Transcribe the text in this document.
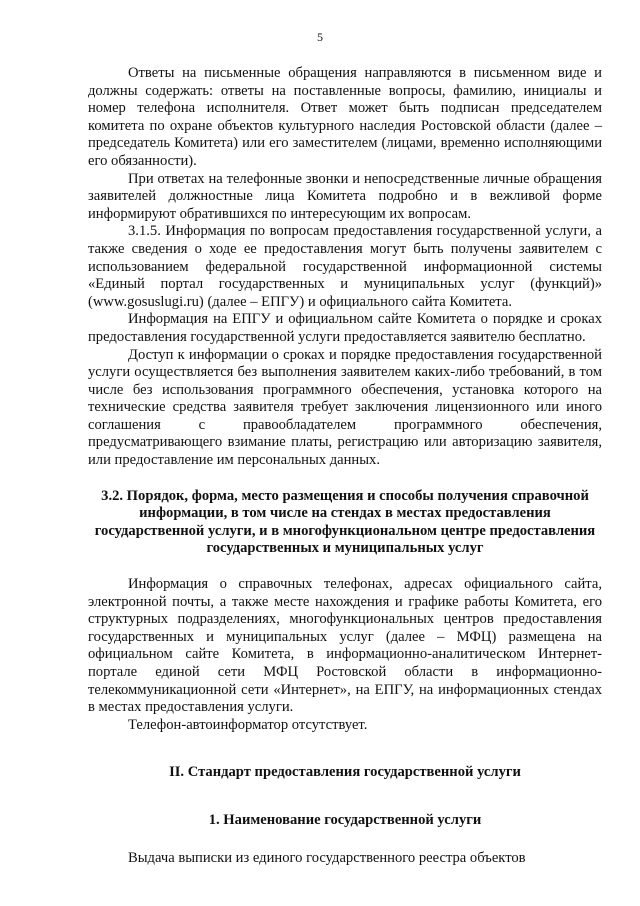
5

Ответы на письменные обращения направляются в письменном виде и должны содержать: ответы на поставленные вопросы, фамилию, инициалы и номер телефона исполнителя. Ответ может быть подписан председателем комитета по охране объектов культурного наследия Ростовской области (далее – председатель Комитета) или его заместителем (лицами, временно исполняющими его обязанности).

При ответах на телефонные звонки и непосредственные личные обращения заявителей должностные лица Комитета подробно и в вежливой форме информируют обратившихся по интересующим их вопросам.

3.1.5. Информация по вопросам предоставления государственной услуги, а также сведения о ходе ее предоставления могут быть получены заявителем с использованием федеральной государственной информационной системы «Единый портал государственных и муниципальных услуг (функций)» (www.gosuslugi.ru) (далее – ЕПГУ) и официального сайта Комитета.

Информация на ЕПГУ и официальном сайте Комитета о порядке и сроках предоставления государственной услуги предоставляется заявителю бесплатно.

Доступ к информации о сроках и порядке предоставления государственной услуги осуществляется без выполнения заявителем каких-либо требований, в том числе без использования программного обеспечения, установка которого на технические средства заявителя требует заключения лицензионного или иного соглашения с правообладателем программного обеспечения, предусматривающего взимание платы, регистрацию или авторизацию заявителя, или предоставление им персональных данных.

3.2. Порядок, форма, место размещения и способы получения справочной информации, в том числе на стендах в местах предоставления государственной услуги, и в многофункциональном центре предоставления государственных и муниципальных услуг

Информация о справочных телефонах, адресах официального сайта, электронной почты, а также месте нахождения и графике работы Комитета, его структурных подразделениях, многофункциональных центров предоставления государственных и муниципальных услуг (далее – МФЦ) размещена на официальном сайте Комитета, в информационно-аналитическом Интернет-портале единой сети МФЦ Ростовской области в информационно-телекоммуникационной сети «Интернет», на ЕПГУ, на информационных стендах в местах предоставления услуги.

Телефон-автоинформатор отсутствует.

II. Стандарт предоставления государственной услуги
1. Наименование государственной услуги

Выдача выписки из единого государственного реестра объектов
